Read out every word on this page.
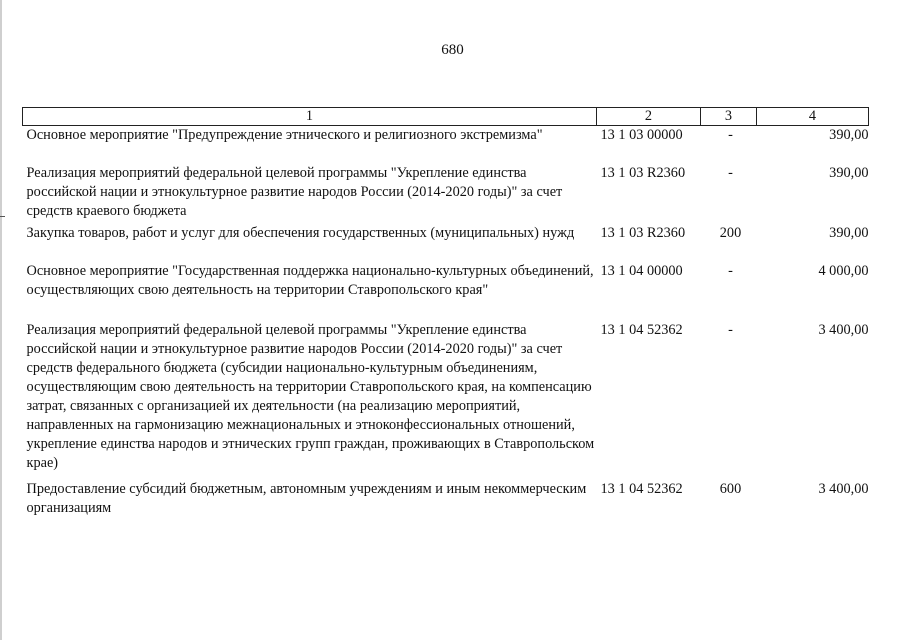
680
1	2	3	4
Основное мероприятие "Предупреждение этнического и религиозного экстремизма"	13 1 03 00000	-	390,00
Реализация мероприятий федеральной целевой программы "Укрепление единства российской нации и этнокультурное развитие народов России (2014-2020 годы)" за счет средств краевого бюджета	13 1 03 R2360	-	390,00
Закупка товаров, работ и услуг для обеспечения государственных (муниципальных) нужд	13 1 03 R2360	200	390,00
Основное мероприятие "Государственная поддержка национально-культурных объединений, осуществляющих свою деятельность на территории Ставропольского края"	13 1 04 00000	-	4 000,00
Реализация мероприятий федеральной целевой программы "Укрепление единства российской нации и этнокультурное развитие народов России (2014-2020 годы)" за счет средств федерального бюджета (субсидии национально-культурным объединениям, осуществляющим свою деятельность на территории Ставропольского края, на компенсацию затрат, связанных с организацией их деятельности (на реализацию мероприятий, направленных на гармонизацию межнациональных и этноконфессиональных отношений, укрепление единства народов и этнических групп граждан, проживающих в Ставропольском крае)	13 1 04 52362	-	3 400,00
Предоставление субсидий бюджетным, автономным учреждениям и иным некоммерческим организациям	13 1 04 52362	600	3 400,00
